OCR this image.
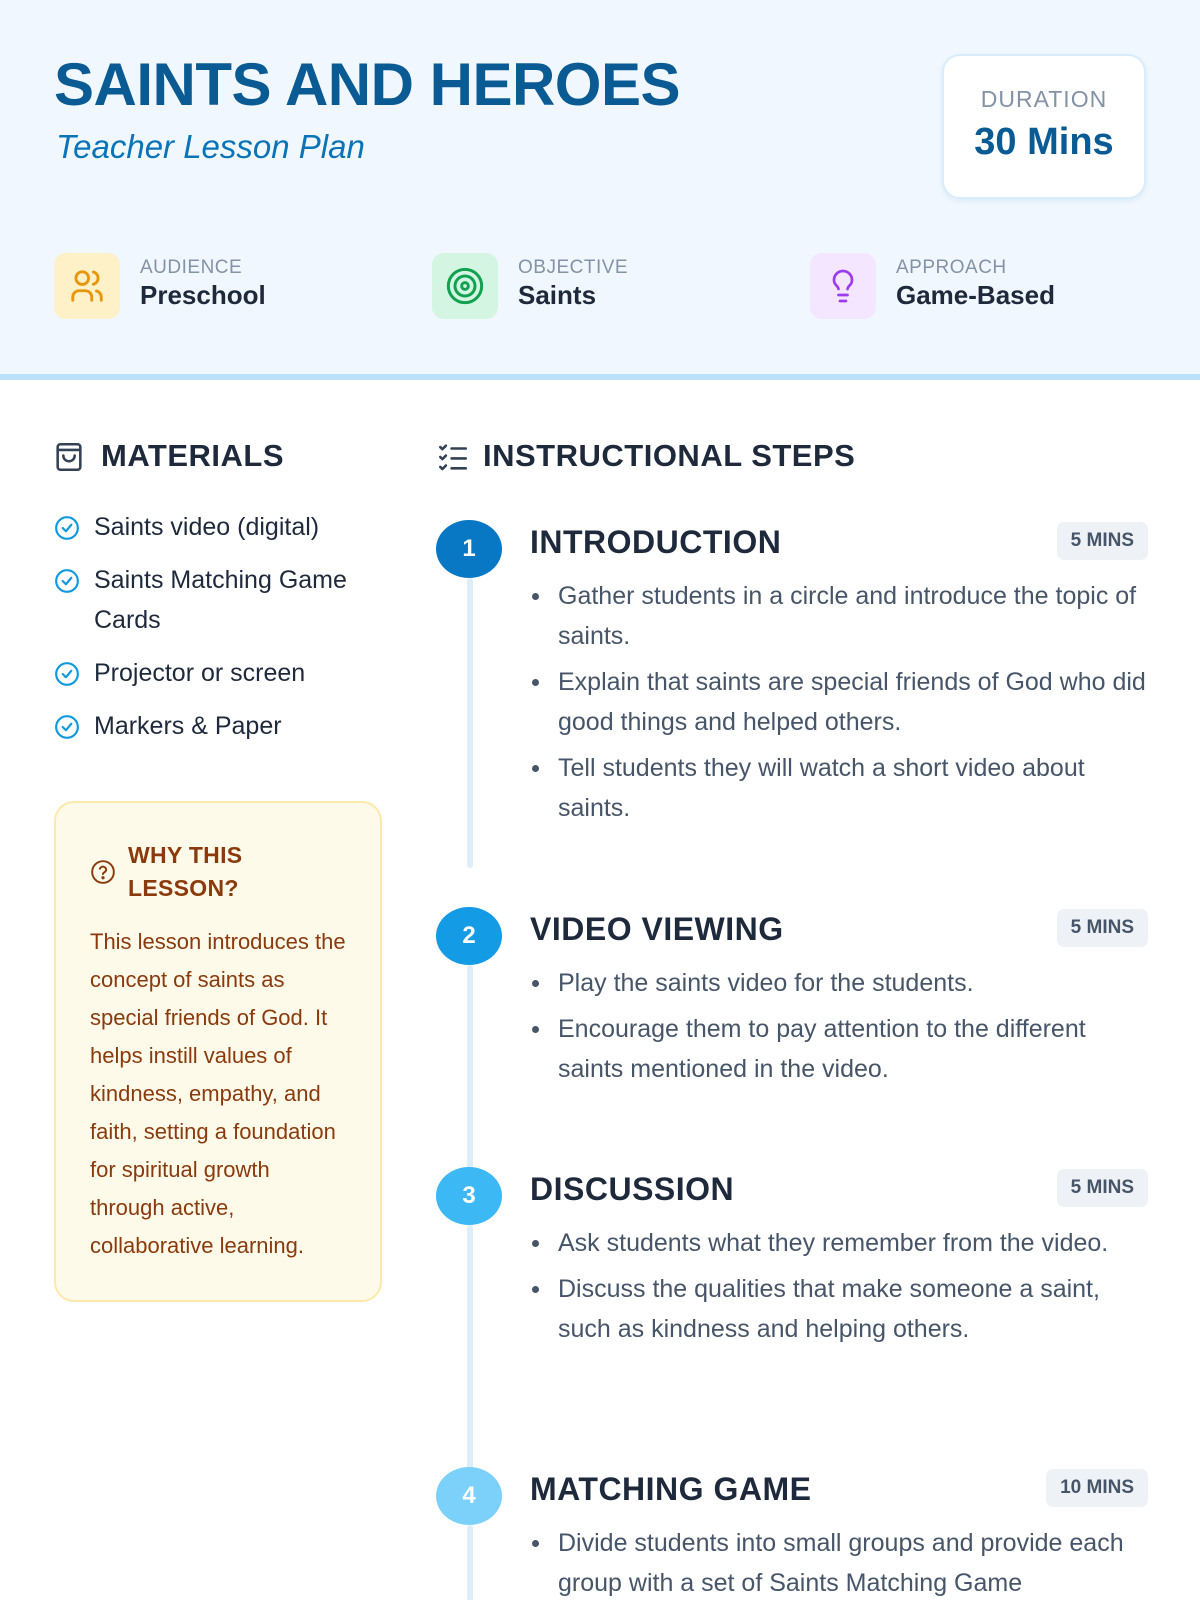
SAINTS AND HEROES
Teacher Lesson Plan
DURATION
30 Mins
AUDIENCE
Preschool
OBJECTIVE
Saints
APPROACH
Game-Based
MATERIALS
Saints video (digital)
Saints Matching Game Cards
Projector or screen
Markers & Paper
WHY THIS LESSON?

This lesson introduces the concept of saints as special friends of God. It helps instill values of kindness, empathy, and faith, setting a foundation for spiritual growth through active, collaborative learning.

INSTRUCTIONAL STEPS
1	INTRODUCTION	5 MINS
Gather students in a circle and introduce the topic of saints.
Explain that saints are special friends of God who did good things and helped others.
Tell students they will watch a short video about saints.
2	VIDEO VIEWING	5 MINS
Play the saints video for the students.
Encourage them to pay attention to the different saints mentioned in the video.
3	DISCUSSION	5 MINS
Ask students what they remember from the video.
Discuss the qualities that make someone a saint, such as kindness and helping others.
4	MATCHING GAME	10 MINS
Divide students into small groups and provide each group with a set of Saints Matching Game
